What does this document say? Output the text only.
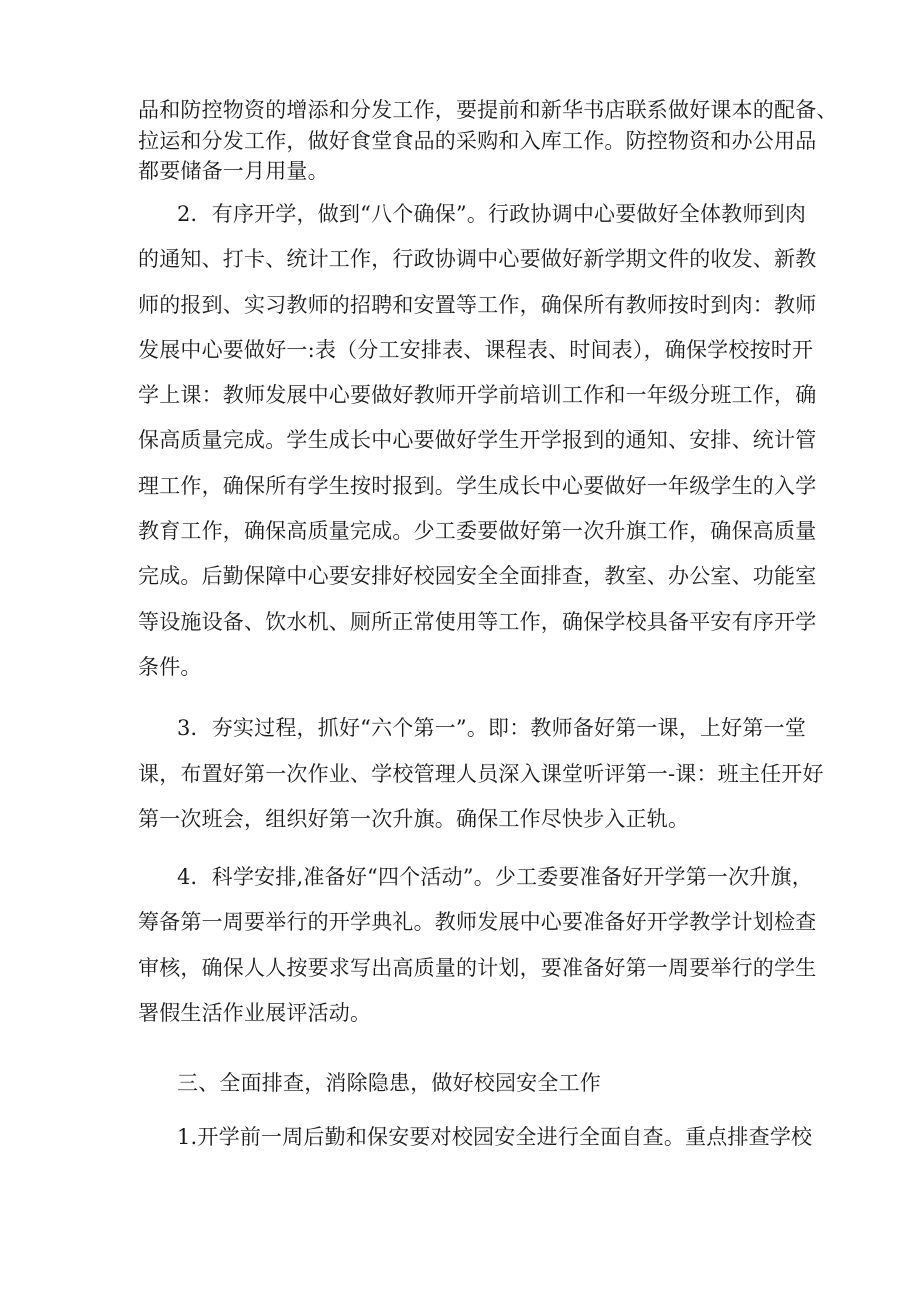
品和防控物资的增添和分发工作，要提前和新华书店联系做好课本的配备、
拉运和分发工作，做好食堂食品的采购和入库工作。防控物资和办公用品
都要储备一月用量。
2．有序开学，做到“八个确保”。行政协调中心要做好全体教师到肉
的通知、打卡、统计工作，行政协调中心要做好新学期文件的收发、新教
师的报到、实习教师的招聘和安置等工作，确保所有教师按时到肉：教师
发展中心要做好一:表（分工安排表、课程表、时间表），确保学校按时开
学上课：教师发展中心要做好教师开学前培训工作和一年级分班工作，确
保高质量完成。学生成长中心要做好学生开学报到的通知、安排、统计管
理工作，确保所有学生按时报到。学生成长中心要做好一年级学生的入学
教育工作，确保高质量完成。少工委要做好第一次升旗工作，确保高质量
完成。后勤保障中心要安排好校园安全全面排查，教室、办公室、功能室
等设施设备、饮水机、厕所正常使用等工作，确保学校具备平安有序开学
条件。
3．夯实过程，抓好“六个第一”。即：教师备好第一课，上好第一堂
课，布置好第一次作业、学校管理人员深入课堂听评第一-课：班主任开好
第一次班会，组织好第一次升旗。确保工作尽快步入正轨。
4．科学安排,准备好“四个活动”。少工委要准备好开学第一次升旗，
筹备第一周要举行的开学典礼。教师发展中心要准备好开学教学计划检查
审核，确保人人按要求写出高质量的计划，要准备好第一周要举行的学生
署假生活作业展评活动。
三、全面排查，消除隐患，做好校园安全工作
1.开学前一周后勤和保安要对校园安全进行全面自查。重点排查学校
